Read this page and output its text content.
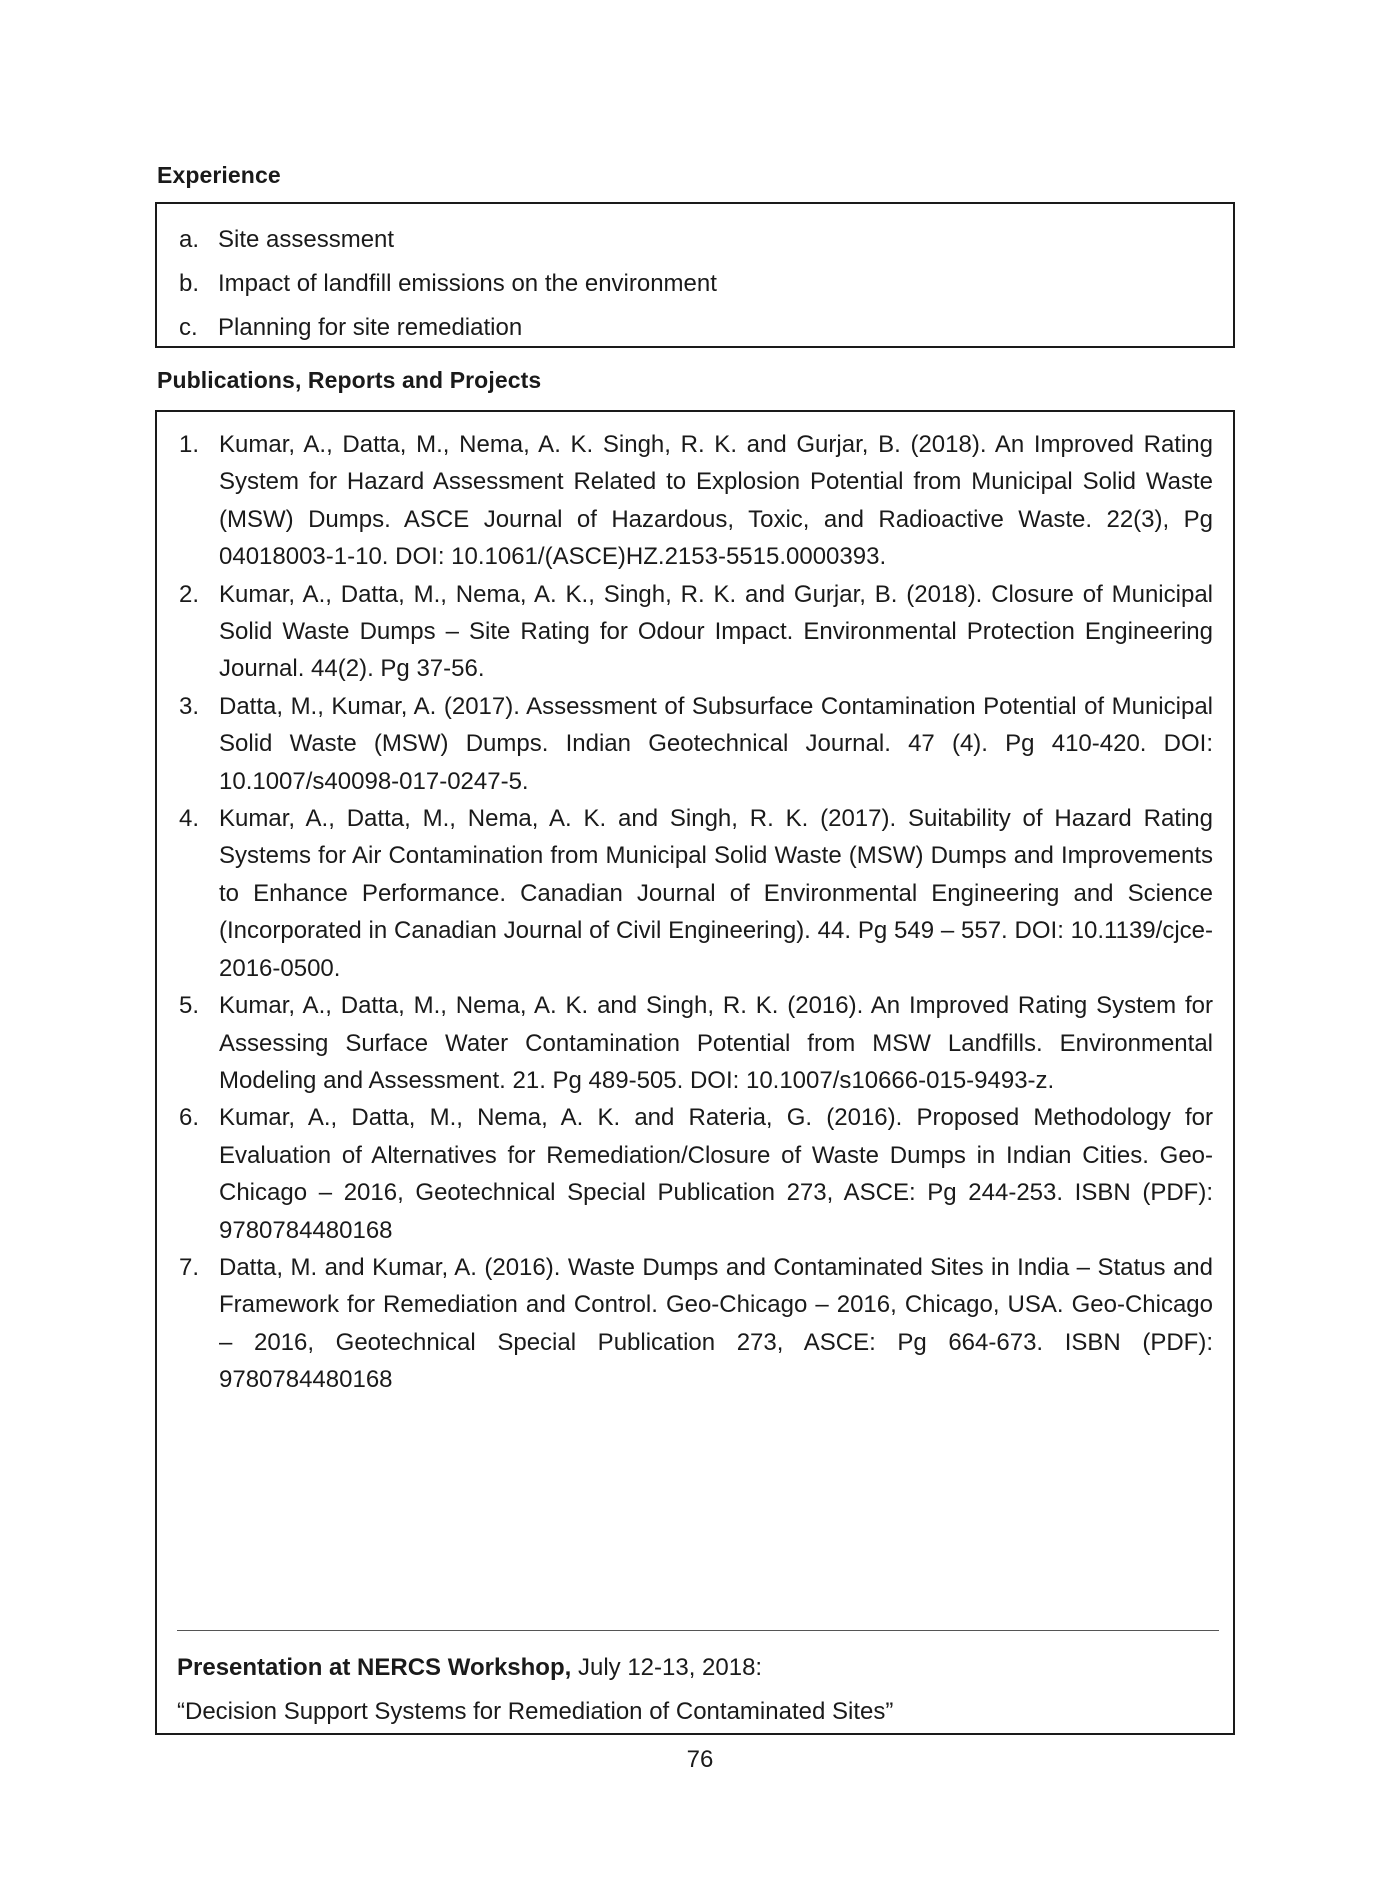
Experience
a. Site assessment
b. Impact of landfill emissions on the environment
c. Planning for site remediation
Publications, Reports and Projects
1. Kumar, A., Datta, M., Nema, A. K. Singh, R. K. and Gurjar, B. (2018). An Improved Rating System for Hazard Assessment Related to Explosion Potential from Municipal Solid Waste (MSW) Dumps. ASCE Journal of Hazardous, Toxic, and Radioactive Waste. 22(3), Pg 04018003-1-10. DOI: 10.1061/(ASCE)HZ.2153-5515.0000393.
2. Kumar, A., Datta, M., Nema, A. K., Singh, R. K. and Gurjar, B. (2018). Closure of Municipal Solid Waste Dumps – Site Rating for Odour Impact. Environmental Protection Engineering Journal. 44(2). Pg 37-56.
3. Datta, M., Kumar, A. (2017). Assessment of Subsurface Contamination Potential of Municipal Solid Waste (MSW) Dumps. Indian Geotechnical Journal. 47 (4). Pg 410-420. DOI: 10.1007/s40098-017-0247-5.
4. Kumar, A., Datta, M., Nema, A. K. and Singh, R. K. (2017). Suitability of Hazard Rating Systems for Air Contamination from Municipal Solid Waste (MSW) Dumps and Improvements to Enhance Performance. Canadian Journal of Environmental Engineering and Science (Incorporated in Canadian Journal of Civil Engineering). 44. Pg 549 – 557. DOI: 10.1139/cjce-2016-0500.
5. Kumar, A., Datta, M., Nema, A. K. and Singh, R. K. (2016). An Improved Rating System for Assessing Surface Water Contamination Potential from MSW Landfills. Environmental Modeling and Assessment. 21. Pg 489-505. DOI: 10.1007/s10666-015-9493-z.
6. Kumar, A., Datta, M., Nema, A. K. and Rateria, G. (2016). Proposed Methodology for Evaluation of Alternatives for Remediation/Closure of Waste Dumps in Indian Cities. Geo-Chicago – 2016, Geotechnical Special Publication 273, ASCE: Pg 244-253. ISBN (PDF): 9780784480168
7. Datta, M. and Kumar, A. (2016). Waste Dumps and Contaminated Sites in India – Status and Framework for Remediation and Control. Geo-Chicago – 2016, Chicago, USA. Geo-Chicago – 2016, Geotechnical Special Publication 273, ASCE: Pg 664-673. ISBN (PDF): 9780784480168
Presentation at NERCS Workshop, July 12-13, 2018:
“Decision Support Systems for Remediation of Contaminated Sites”
76
